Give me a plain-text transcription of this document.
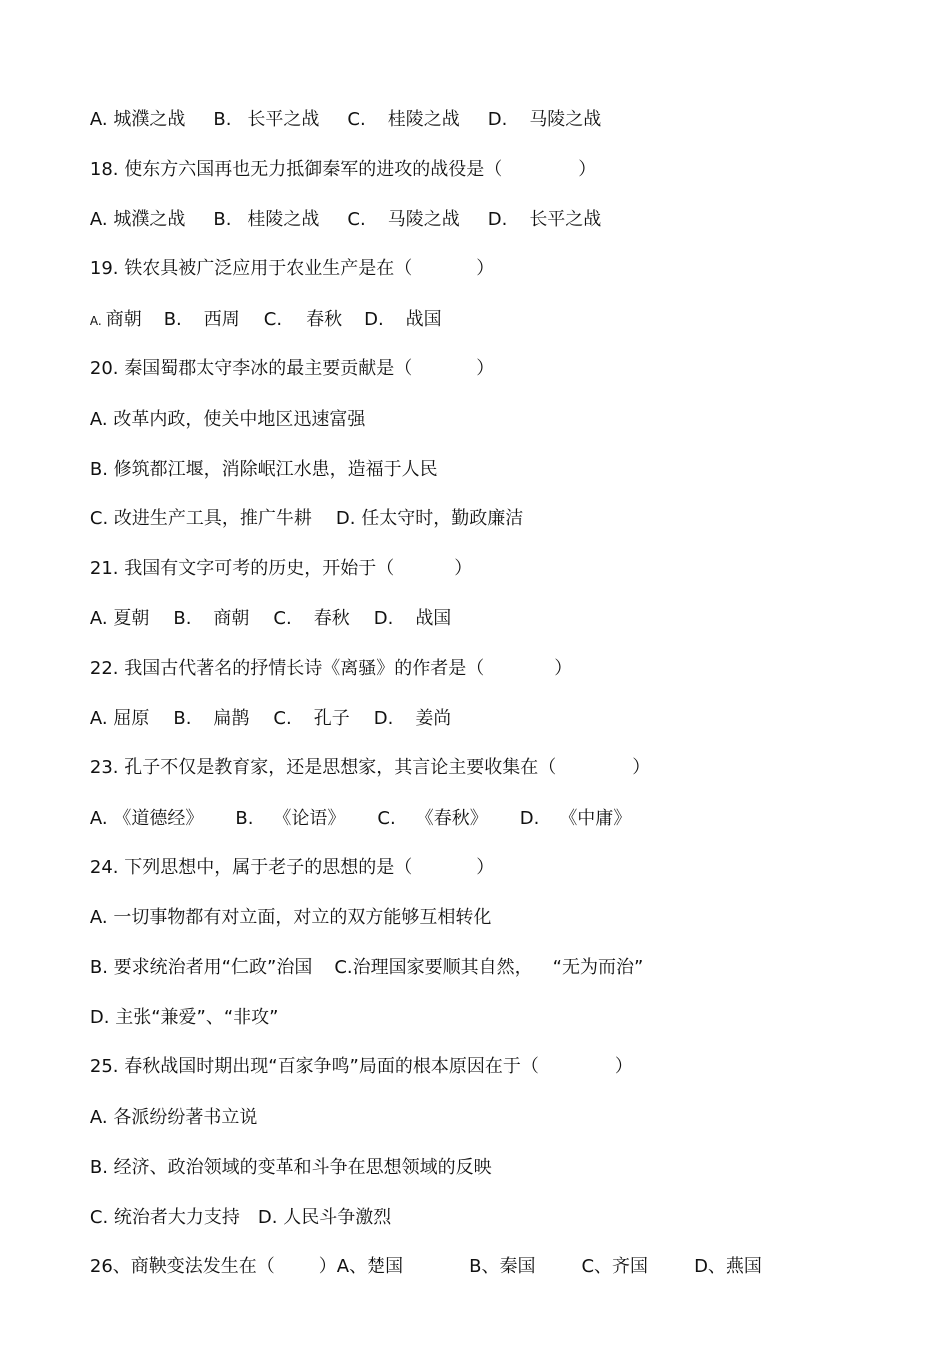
A. 城濮之战 B. 长平之战 C. 桂陵之战 D. 马陵之战

18. 使东方六国再也无力抵御秦军的进攻的战役是（	）

A. 城濮之战 B. 桂陵之战 C. 马陵之战 D. 长平之战

19. 铁农具被广泛应用于农业生产是在（	）

A. 商朝 B. 西周 C. 春秋 D. 战国

20. 秦国蜀郡太守李冰的最主要贡献是（	）

A. 改革内政，使关中地区迅速富强

B. 修筑都江堰，消除岷江水患，造福于人民

C. 改进生产工具，推广牛耕 D. 任太守时，勤政廉洁

21. 我国有文字可考的历史，开始于（	）

A. 夏朝 B. 商朝 C. 春秋 D. 战国

22. 我国古代著名的抒情长诗《离骚》的作者是（	）

A. 屈原 B. 扁鹊 C. 孔子 D. 姜尚

23. 孔子不仅是教育家，还是思想家，其言论主要收集在（	）

A. 《道德经》 B. 《论语》 C. 《春秋》 D. 《中庸》

24. 下列思想中，属于老子的思想的是（	）

A. 一切事物都有对立面，对立的双方能够互相转化

B. 要求统治者用“仁政”治国 C.治理国家要顺其自然， “无为而治”

D. 主张“兼爱”、“非攻”

25. 春秋战国时期出现“百家争鸣”局面的根本原因在于（	）

A. 各派纷纷著书立说

B. 经济、政治领域的变革和斗争在思想领域的反映

C. 统治者大力支持 D. 人民斗争激烈

26、商鞅变法发生在（ ）A、楚国	B、秦国	C、齐国	D、燕国
